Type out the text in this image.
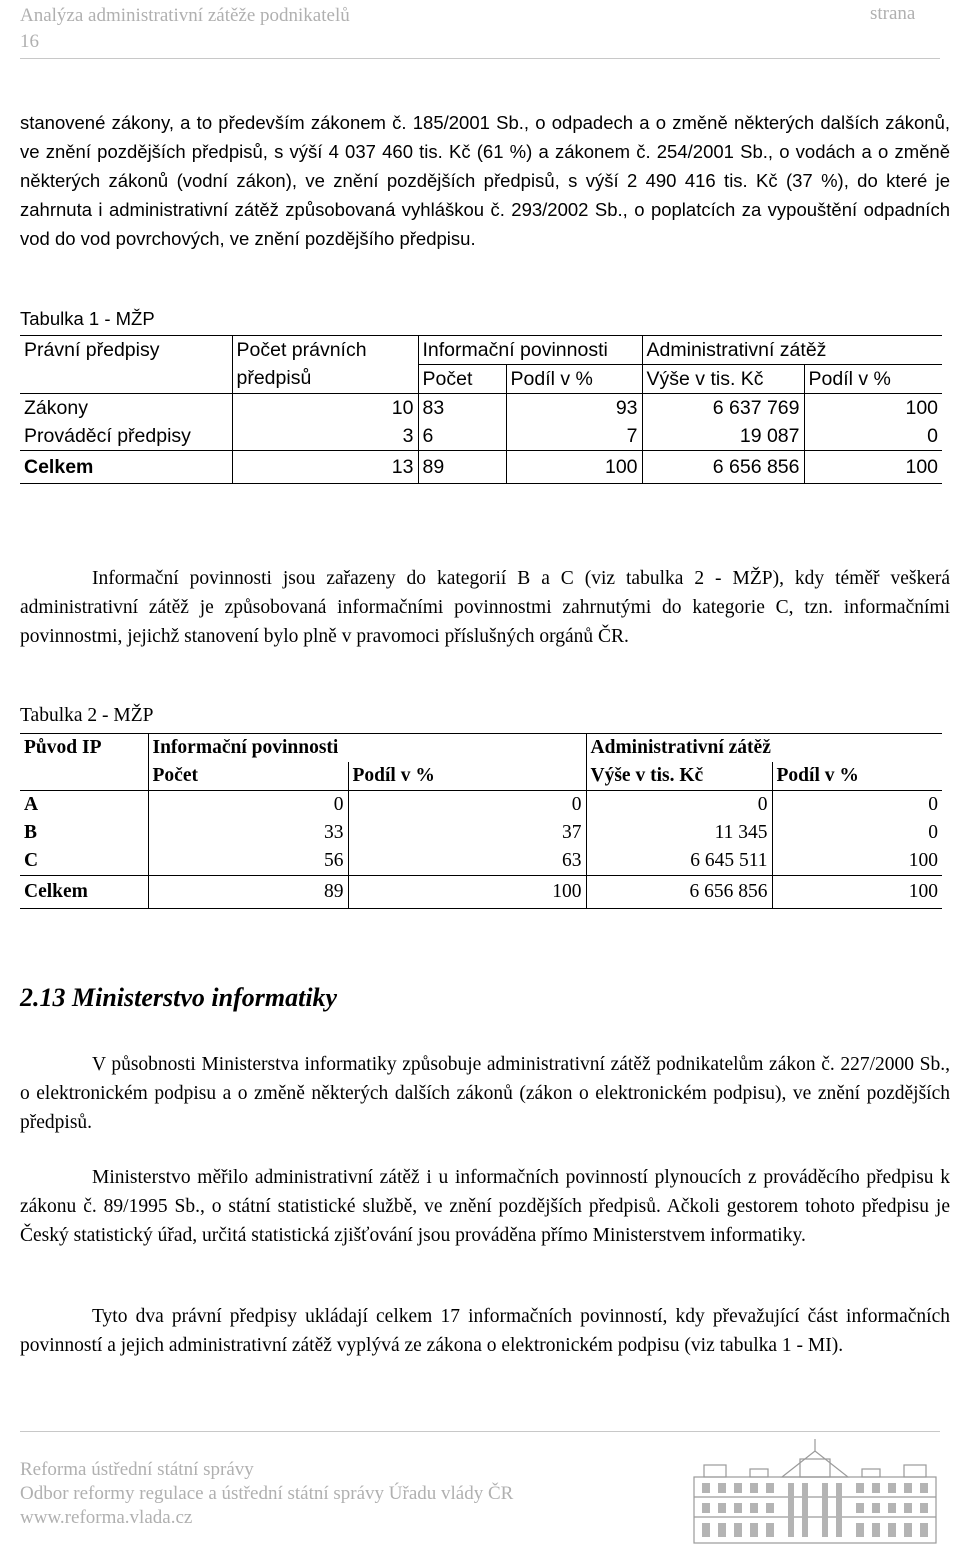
Analýza administrativní zátěže podnikatelů
16
strana

stanovené zákony, a to především zákonem č. 185/2001 Sb., o odpadech a o změně některých dalších zákonů, ve znění pozdějších předpisů, s výší 4 037 460 tis. Kč (61 %) a zákonem č. 254/2001 Sb., o vodách a o změně některých zákonů (vodní zákon), ve znění pozdějších předpisů, s výší 2 490 416 tis. Kč (37 %), do které je zahrnuta i administrativní zátěž způsobovaná vyhláškou č. 293/2002 Sb., o poplatcích za vypouštění odpadních vod do vod povrchových, ve znění pozdějšího předpisu.

Tabulka 1 - MŽP
Právní předpisy	Počet právních předpisů	Informační povinnosti		Administrativní zátěž	
		Počet	Podíl v %	Výše v tis. Kč	Podíl v %
Zákony	10	83	93	6 637 769	100
Prováděcí předpisy	3	6	7	19 087	0
Celkem	13	89	100	6 656 856	100

Informační povinnosti jsou zařazeny do kategorií B a C (viz tabulka 2 - MŽP), kdy téměř veškerá administrativní zátěž je způsobovaná informačními povinnostmi zahrnutými do kategorie C, tzn. informačními povinnostmi, jejichž stanovení bylo plně v pravomoci příslušných orgánů ČR.

Tabulka 2 - MŽP
Původ IP	Informační povinnosti		Administrativní zátěž	
	Počet	Podíl v %	Výše v tis. Kč	Podíl v %
A	0	0	0	0
B	33	37	11 345	0
C	56	63	6 645 511	100
Celkem	89	100	6 656 856	100
2.13 Ministerstvo informatiky

V působnosti Ministerstva informatiky způsobuje administrativní zátěž podnikatelům zákon č. 227/2000 Sb., o elektronickém podpisu a o změně některých dalších zákonů (zákon o elektronickém podpisu), ve znění pozdějších předpisů.

Ministerstvo měřilo administrativní zátěž i u informačních povinností plynoucích z prováděcího předpisu k zákonu č. 89/1995 Sb., o státní statistické službě, ve znění pozdějších předpisů. Ačkoli gestorem tohoto předpisu je Český statistický úřad, určitá statistická zjišťování jsou prováděna přímo Ministerstvem informatiky.

Tyto dva právní předpisy ukládají celkem 17 informačních povinností, kdy převažující část informačních povinností a jejich administrativní zátěž vyplývá ze zákona o elektronickém podpisu (viz tabulka 1 - MI).

Reforma ústřední státní správy
Odbor reformy regulace a ústřední státní správy Úřadu vlády ČR
www.reforma.vlada.cz
